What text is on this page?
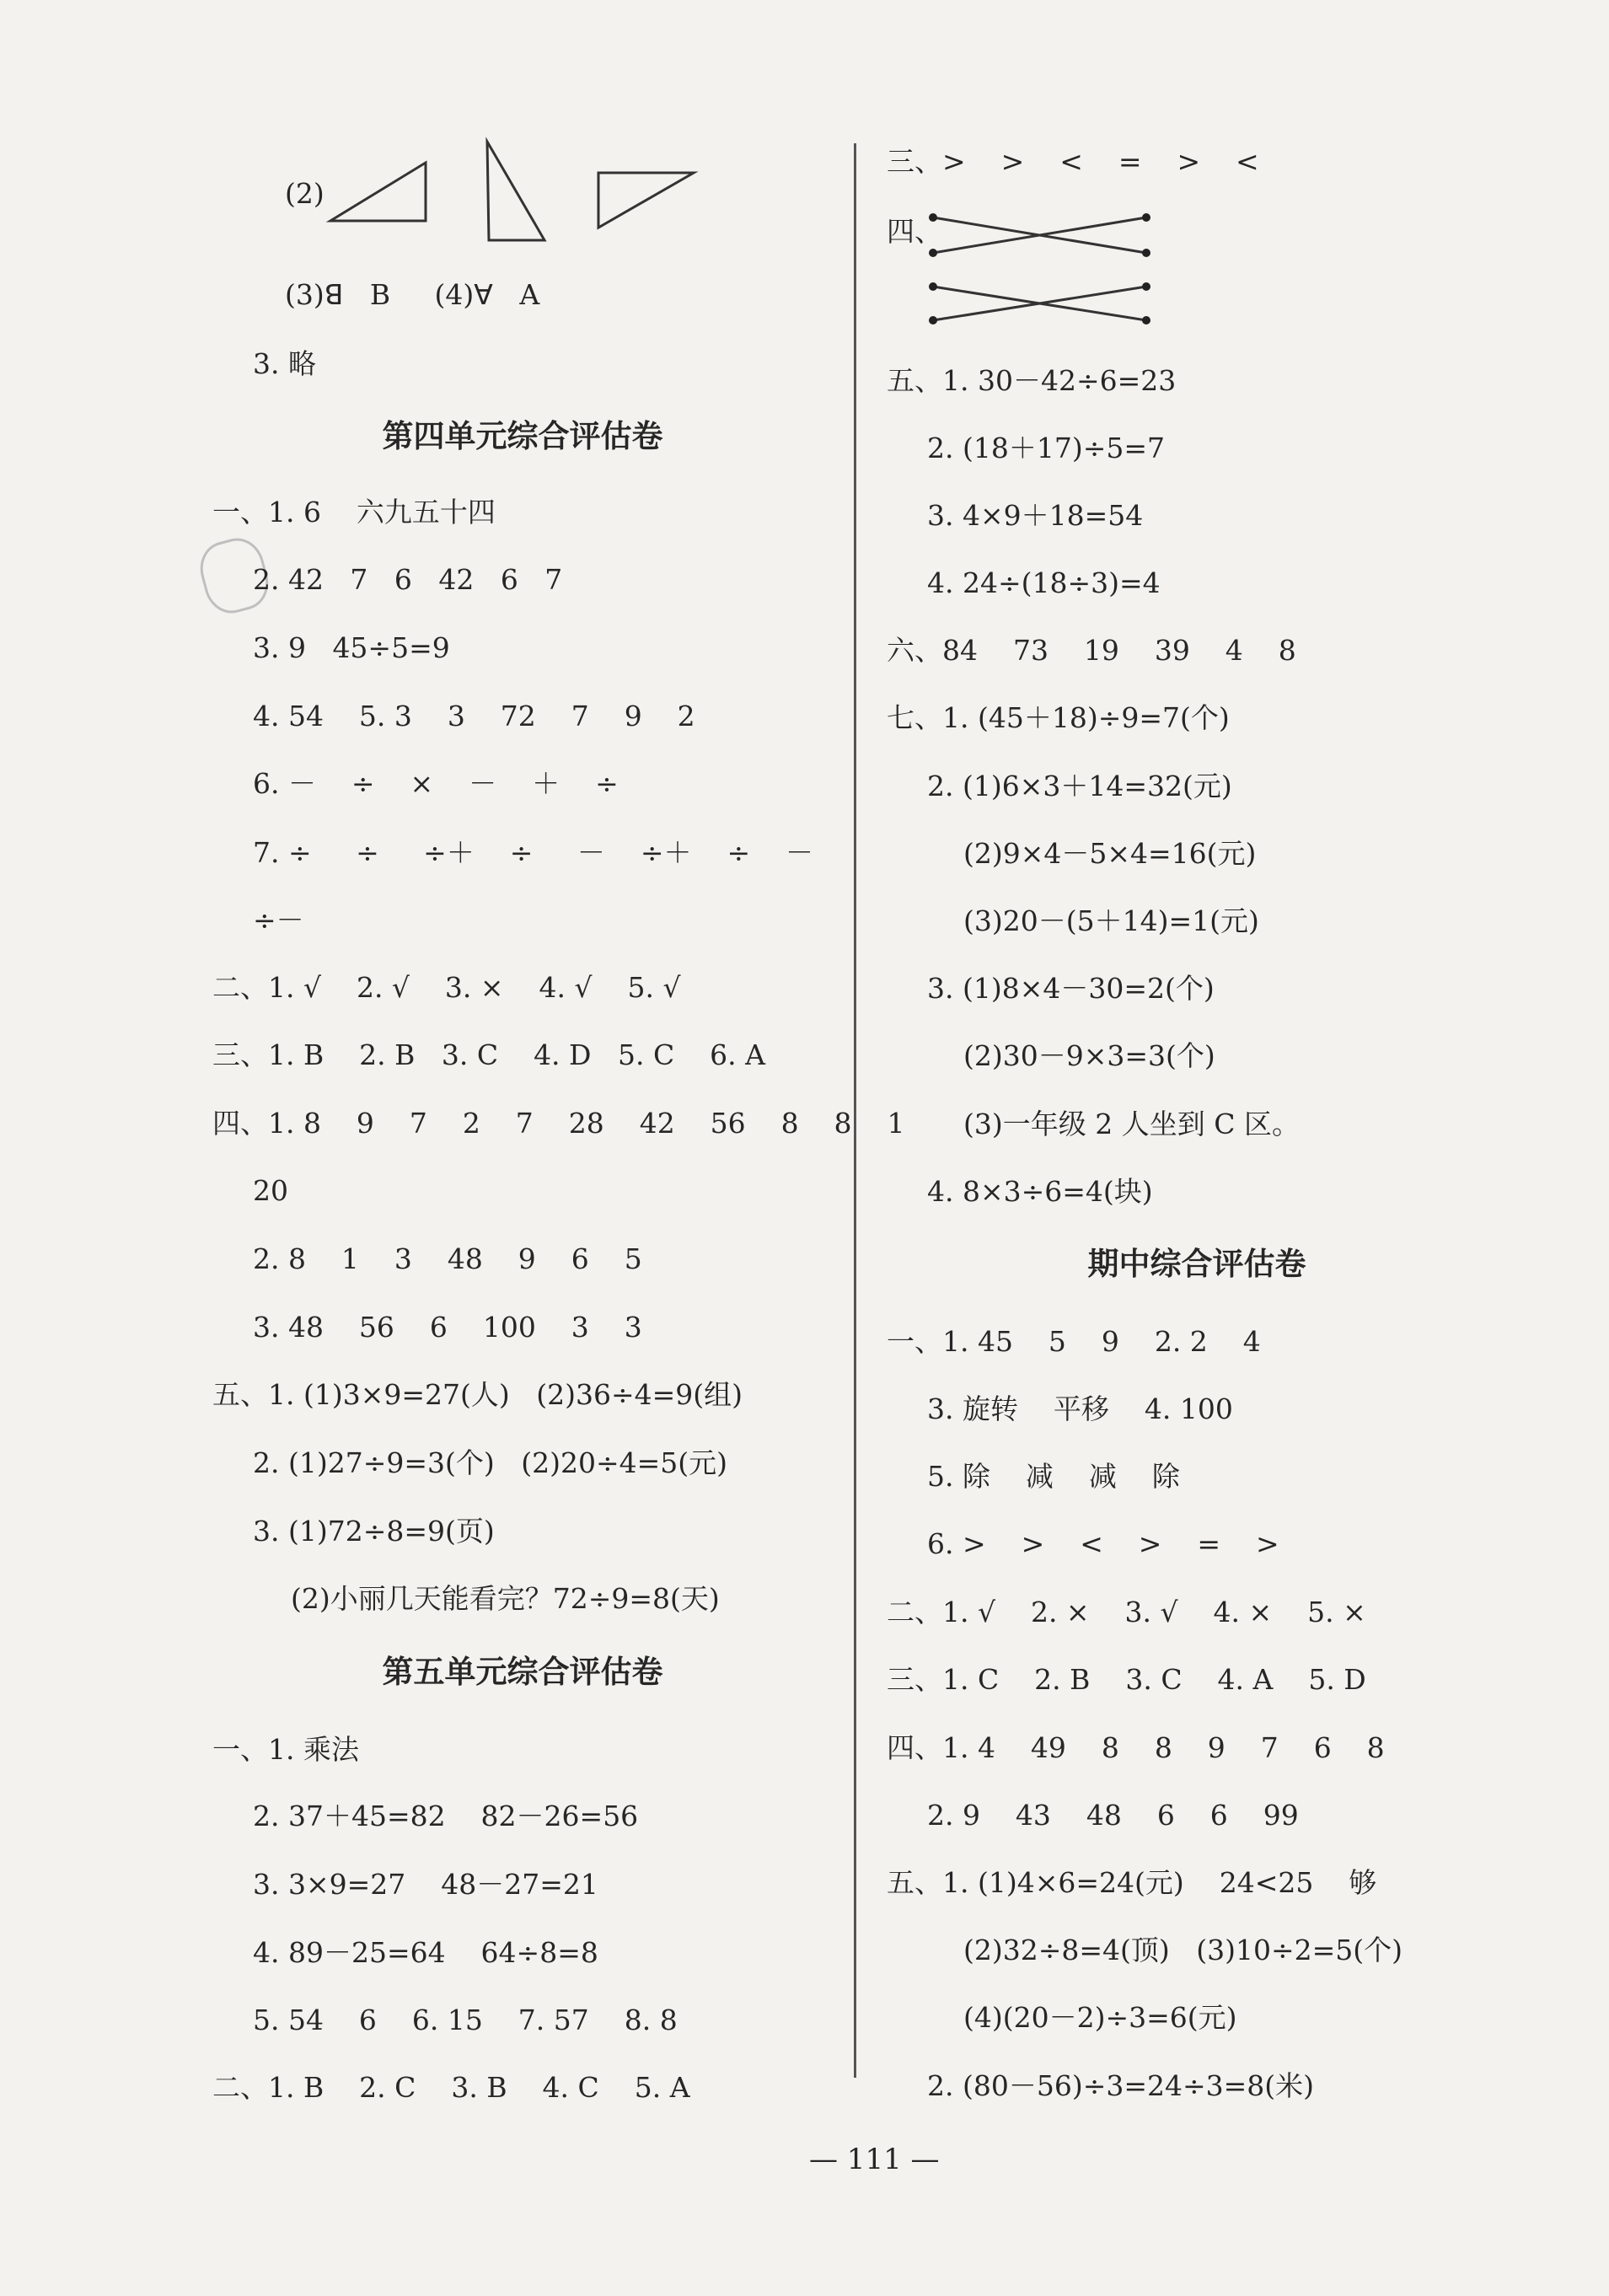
第四单元综合评估卷
第五单元综合评估卷
(2)
(3)ꓭ   B     (4)ꓯ   A
3. 略
一、1. 6    六九五十四
2. 42   7   6   42   6   7
3. 9   45÷5=9
4. 54    5. 3    3    72    7    9    2
6. －    ÷    ×    －    ＋    ÷
7. ÷     ÷     ÷＋    ÷     －    ÷＋    ÷    －
÷－
二、1. √    2. √    3. ×    4. √    5. √
三、1. B    2. B   3. C    4. D   5. C    6. A
四、1. 8    9    7    2    7    28    42    56    8    8    1
20
2. 8    1    3    48    9    6    5
3. 48    56    6    100    3    3
五、1. (1)3×9=27(人)   (2)36÷4=9(组)
2. (1)27÷9=3(个)   (2)20÷4=5(元)
3. (1)72÷8=9(页)
(2)小丽几天能看完？72÷9=8(天)
一、1. 乘法
2. 37＋45=82    82－26=56
3. 3×9=27    48－27=21
4. 89－25=64    64÷8=8
5. 54    6    6. 15    7. 57    8. 8
二、1. B    2. C    3. B    4. C    5. A
期中综合评估卷
三、>    >    <    =    >    <
四、
五、1. 30－42÷6=23
2. (18＋17)÷5=7
3. 4×9＋18=54
4. 24÷(18÷3)=4
六、84    73    19    39    4    8
七、1. (45＋18)÷9=7(个)
2. (1)6×3＋14=32(元)
(2)9×4－5×4=16(元)
(3)20－(5＋14)=1(元)
3. (1)8×4－30=2(个)
(2)30－9×3=3(个)
(3)一年级 2 人坐到 C 区。
4. 8×3÷6=4(块)
一、1. 45    5    9    2. 2    4
3. 旋转    平移    4. 100
5. 除    减    减    除
6. >    >    <    >    =    >
二、1. √    2. ×    3. √    4. ×    5. ×
三、1. C    2. B    3. C    4. A    5. D
四、1. 4    49    8    8    9    7    6    8
2. 9    43    48    6    6    99
五、1. (1)4×6=24(元)    24<25    够
(2)32÷8=4(顶)   (3)10÷2=5(个)
(4)(20－2)÷3=6(元)
2. (80－56)÷3=24÷3=8(米)
— 111 —
